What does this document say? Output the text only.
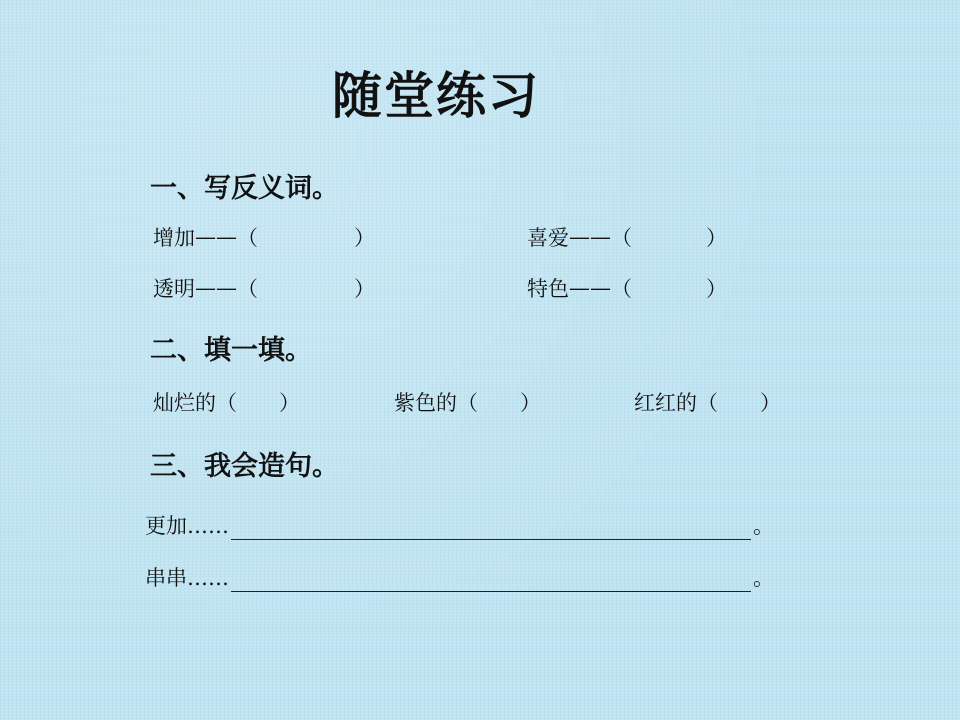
随堂练习
一、写反义词。
增加 —— （	）	喜爱 —— （	）
透明 —— （	）	特色 —— （	）
二、填一填。
灿烂的 （ ）	紫色的 （ ）	红红的 （ ）
三、我会造句。
更加……	。
串串……	。
